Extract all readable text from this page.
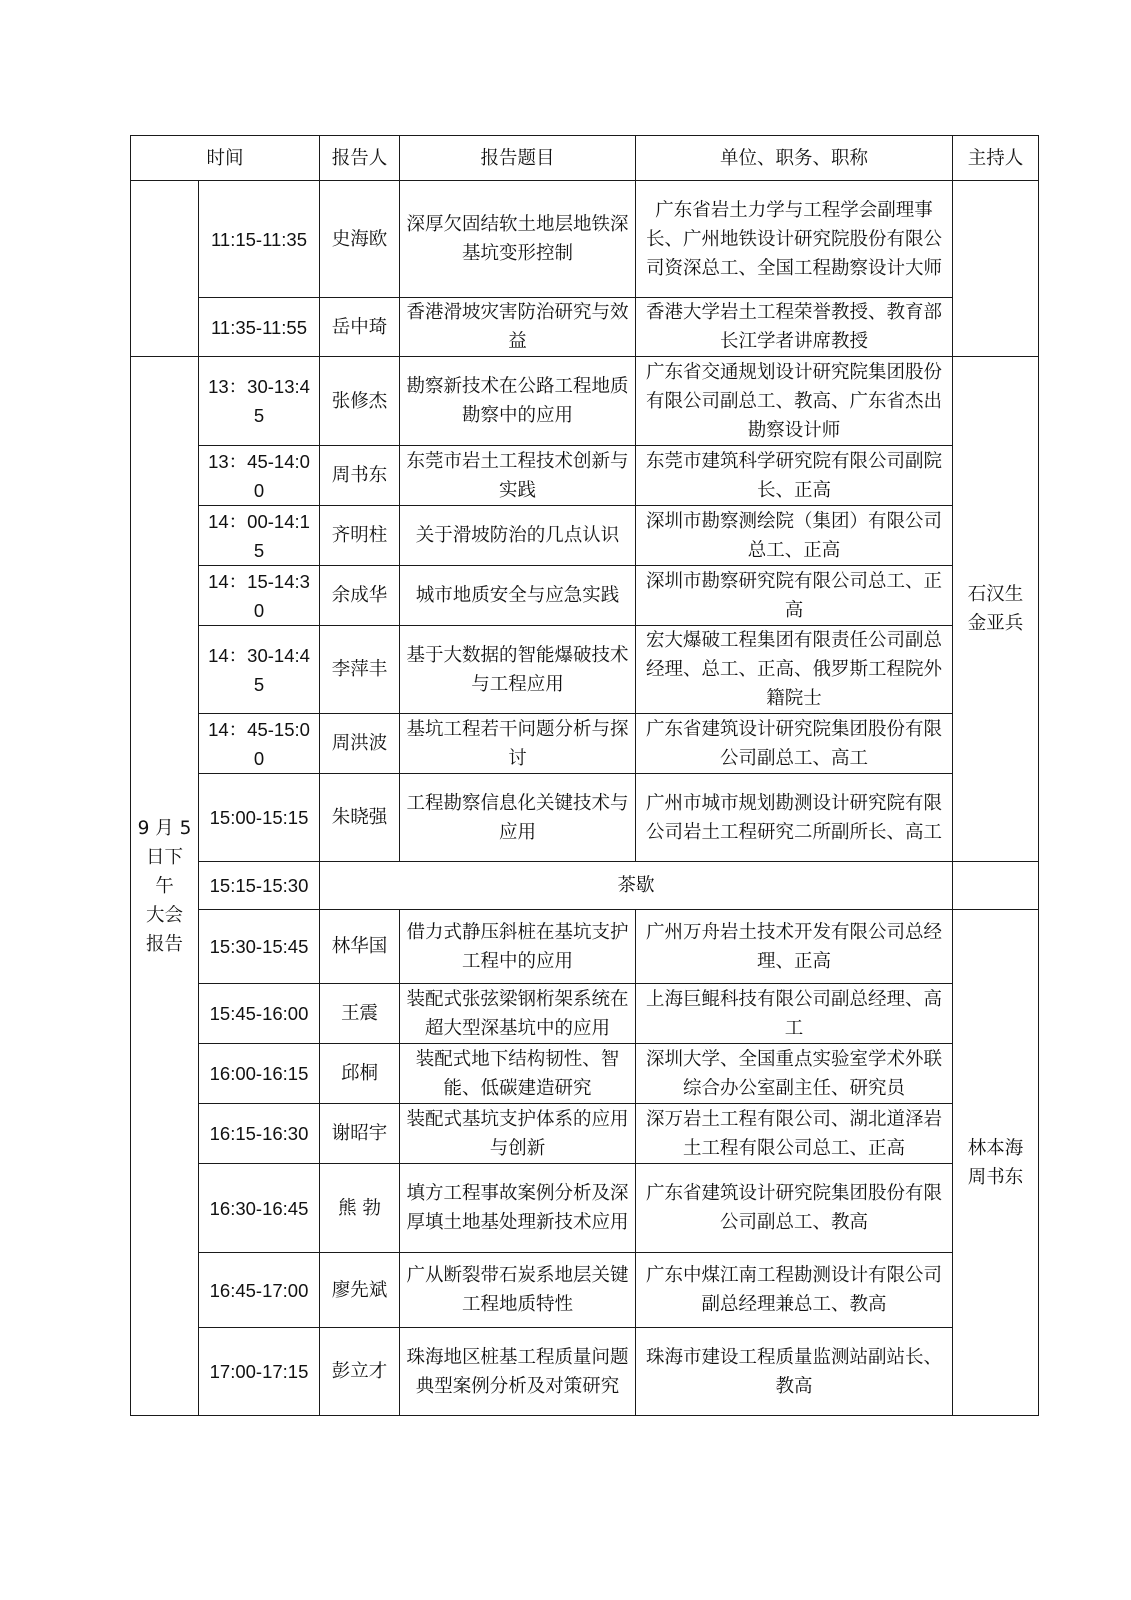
时间		报告人	报告题目	单位、职务、职称	主持人
	11:15-11:35	史海欧	深厚欠固结软土地层地铁深基坑变形控制	广东省岩土力学与工程学会副理事长、广州地铁设计研究院股份有限公司资深总工、全国工程勘察设计大师	
	11:35-11:55	岳中琦	香港滑坡灾害防治研究与效益	香港大学岩土工程荣誉教授、教育部长江学者讲席教授	

9 月 5
日下
午
大会
报告	13：30-13:45	张修杰	勘察新技术在公路工程地质勘察中的应用	广东省交通规划设计研究院集团股份有限公司副总工、教高、广东省杰出勘察设计师	石汉生金亚兵
	13：45-14:00	周书东	东莞市岩土工程技术创新与实践	东莞市建筑科学研究院有限公司副院长、正高	
	14：00-14:15	齐明柱	关于滑坡防治的几点认识	深圳市勘察测绘院（集团）有限公司总工、正高	
	14：15-14:30	余成华	城市地质安全与应急实践	深圳市勘察研究院有限公司总工、正高	
	14：30-14:45	李萍丰	基于大数据的智能爆破技术与工程应用	宏大爆破工程集团有限责任公司副总经理、总工、正高、俄罗斯工程院外籍院士	
	14：45-15:00	周洪波	基坑工程若干问题分析与探讨	广东省建筑设计研究院集团股份有限公司副总工、高工	
	15:00-15:15	朱晓强	工程勘察信息化关键技术与应用	广州市城市规划勘测设计研究院有限公司岩土工程研究二所副所长、高工	
	15:15-15:30	茶歇			
	15:30-15:45	林华国	借力式静压斜桩在基坑支护工程中的应用	广州万舟岩土技术开发有限公司总经理、正高	林本海周书东
	15:45-16:00	王震	装配式张弦梁钢桁架系统在超大型深基坑中的应用	上海巨鲲科技有限公司副总经理、高工	
	16:00-16:15	邱桐	装配式地下结构韧性、智能、低碳建造研究	深圳大学、全国重点实验室学术外联综合办公室副主任、研究员	
	16:15-16:30	谢昭宇	装配式基坑支护体系的应用与创新	深万岩土工程有限公司、湖北道泽岩土工程有限公司总工、正高	
	16:30-16:45	熊 勃	填方工程事故案例分析及深厚填土地基处理新技术应用	广东省建筑设计研究院集团股份有限公司副总工、教高	
	16:45-17:00	廖先斌	广从断裂带石炭系地层关键工程地质特性	广东中煤江南工程勘测设计有限公司副总经理兼总工、教高	
	17:00-17:15	彭立才	珠海地区桩基工程质量问题典型案例分析及对策研究	珠海市建设工程质量监测站副站长、教高	
